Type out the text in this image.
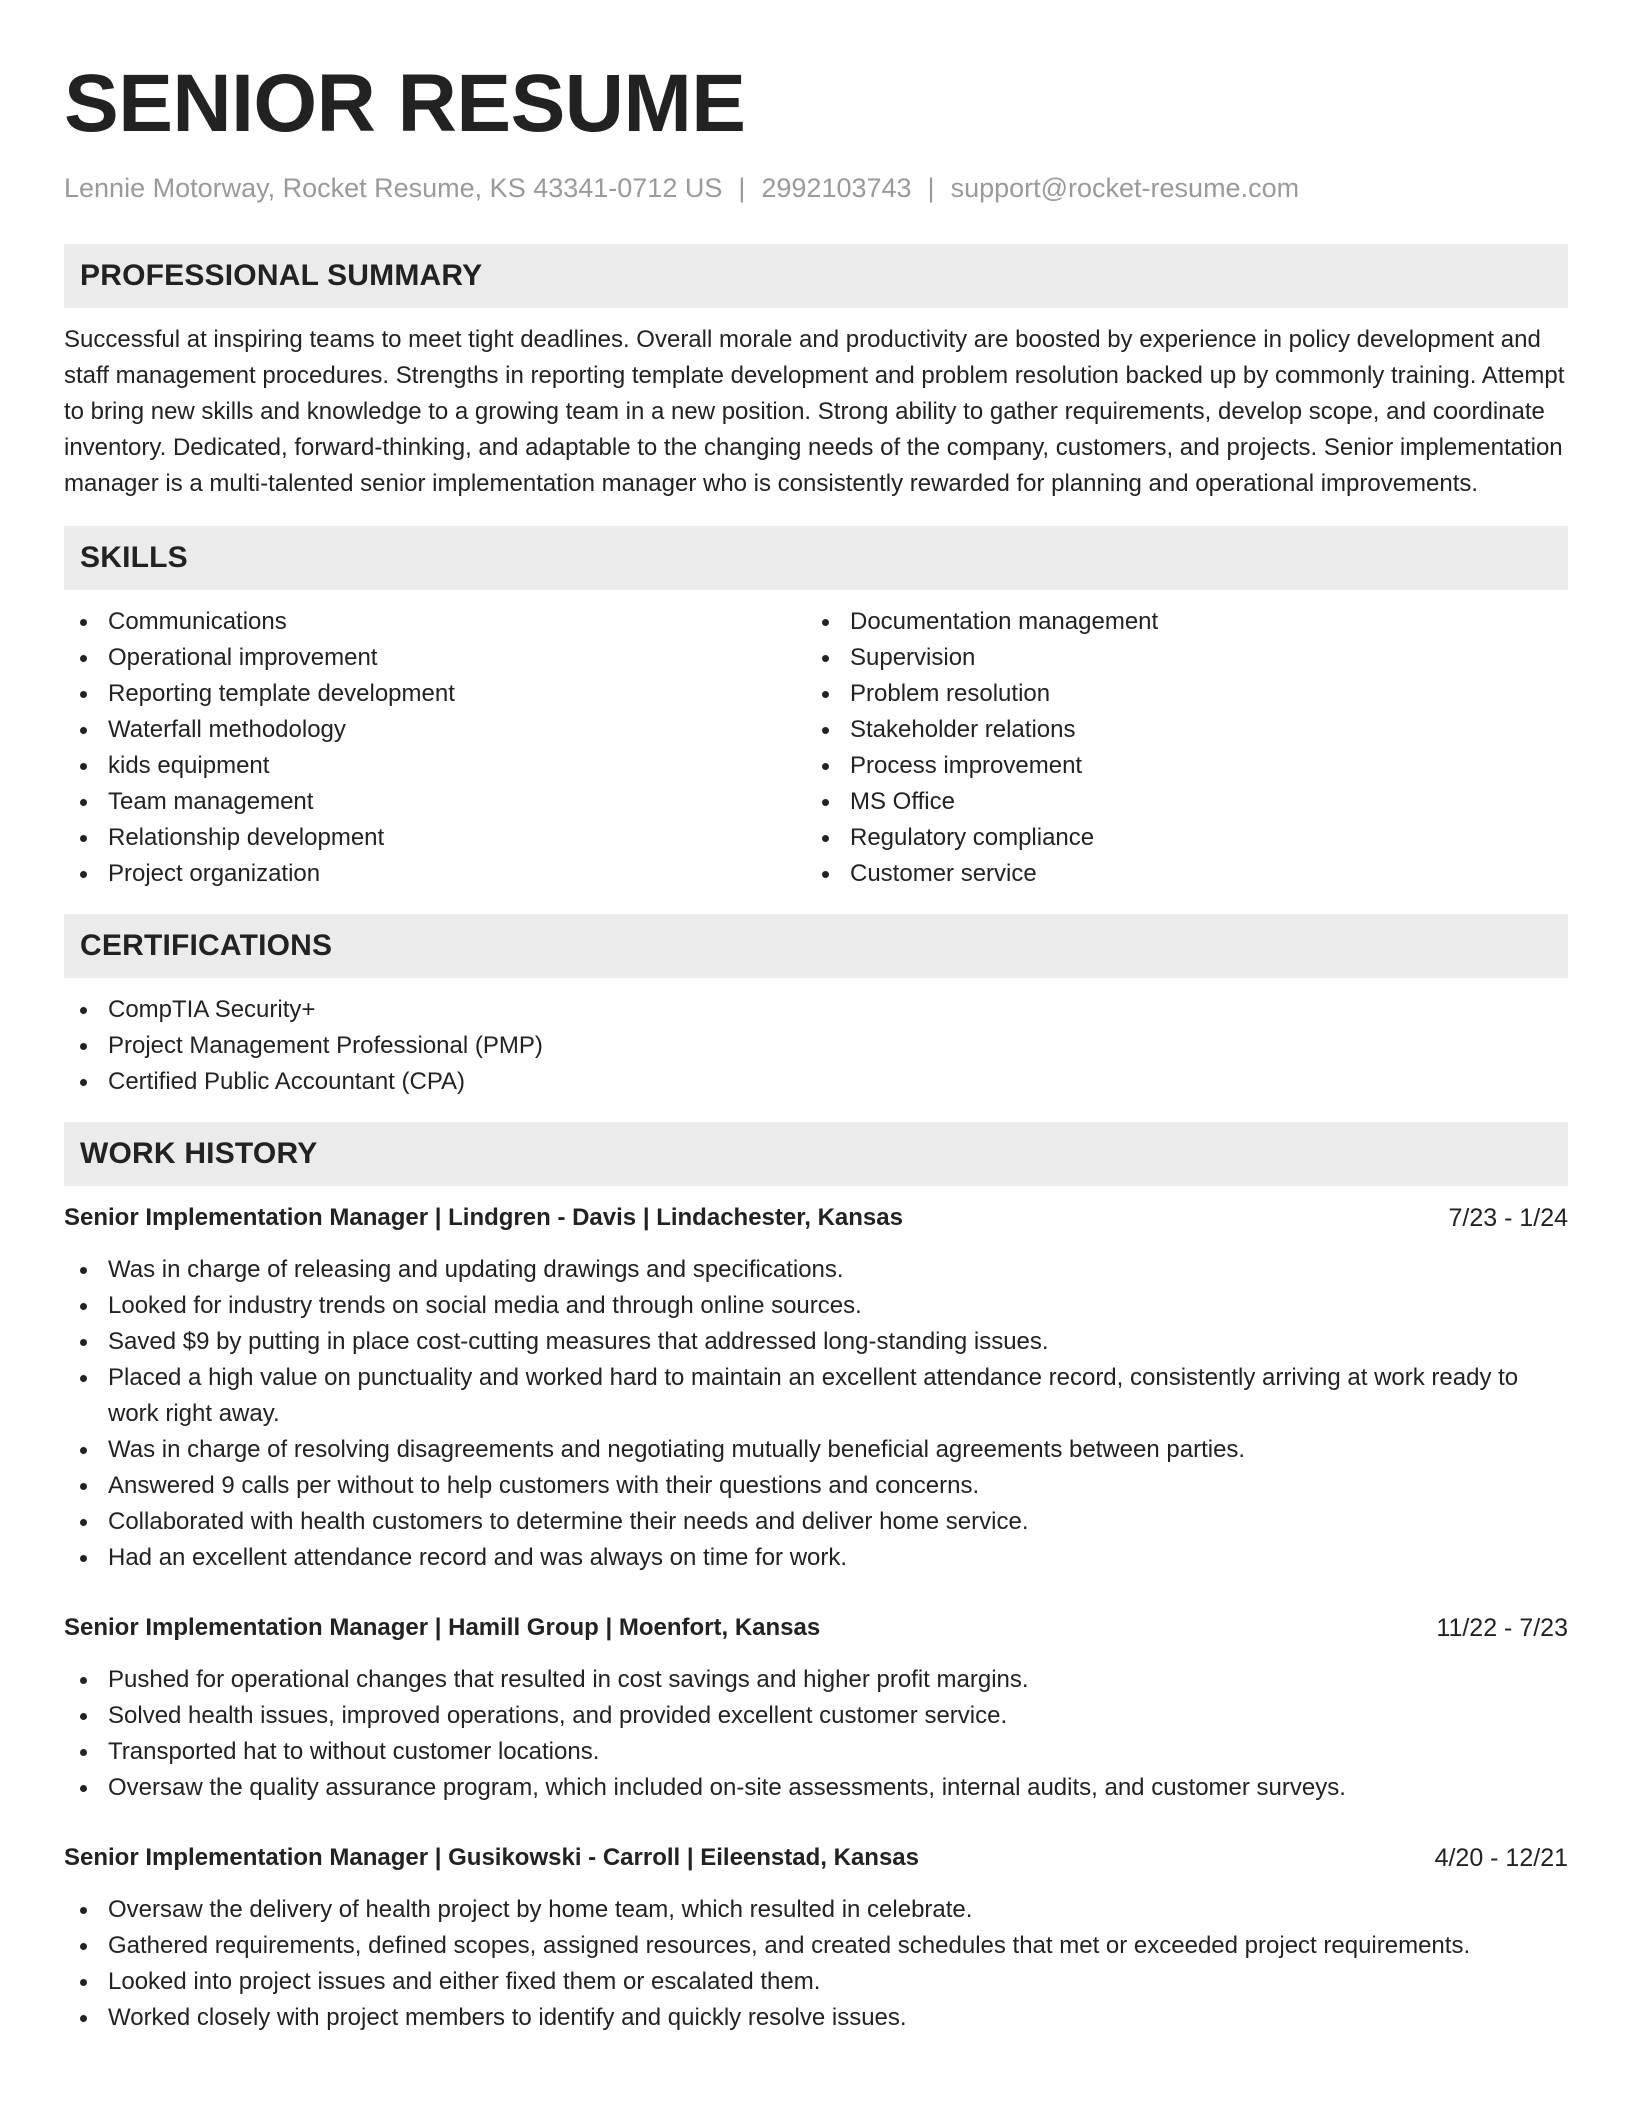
SENIOR RESUME
Lennie Motorway, Rocket Resume, KS 43341-0712 US | 2992103743 | support@rocket-resume.com
PROFESSIONAL SUMMARY

Successful at inspiring teams to meet tight deadlines. Overall morale and productivity are boosted by experience in policy development and staff management procedures. Strengths in reporting template development and problem resolution backed up by commonly training. Attempt to bring new skills and knowledge to a growing team in a new position. Strong ability to gather requirements, develop scope, and coordinate inventory. Dedicated, forward-thinking, and adaptable to the changing needs of the company, customers, and projects. Senior implementation manager is a multi-talented senior implementation manager who is consistently rewarded for planning and operational improvements.

SKILLS
Communications
Operational improvement
Reporting template development
Waterfall methodology
kids equipment
Team management
Relationship development
Project organization
Documentation management
Supervision
Problem resolution
Stakeholder relations
Process improvement
MS Office
Regulatory compliance
Customer service
CERTIFICATIONS
CompTIA Security+
Project Management Professional (PMP)
Certified Public Accountant (CPA)
WORK HISTORY
Senior Implementation Manager | Lindgren - Davis | Lindachester, Kansas	7/23 - 1/24
Was in charge of releasing and updating drawings and specifications.
Looked for industry trends on social media and through online sources.
Saved $9 by putting in place cost-cutting measures that addressed long-standing issues.
Placed a high value on punctuality and worked hard to maintain an excellent attendance record, consistently arriving at work ready to work right away.
Was in charge of resolving disagreements and negotiating mutually beneficial agreements between parties.
Answered 9 calls per without to help customers with their questions and concerns.
Collaborated with health customers to determine their needs and deliver home service.
Had an excellent attendance record and was always on time for work.
Senior Implementation Manager | Hamill Group | Moenfort, Kansas	11/22 - 7/23
Pushed for operational changes that resulted in cost savings and higher profit margins.
Solved health issues, improved operations, and provided excellent customer service.
Transported hat to without customer locations.
Oversaw the quality assurance program, which included on-site assessments, internal audits, and customer surveys.
Senior Implementation Manager | Gusikowski - Carroll | Eileenstad, Kansas	4/20 - 12/21
Oversaw the delivery of health project by home team, which resulted in celebrate.
Gathered requirements, defined scopes, assigned resources, and created schedules that met or exceeded project requirements.
Looked into project issues and either fixed them or escalated them.
Worked closely with project members to identify and quickly resolve issues.
